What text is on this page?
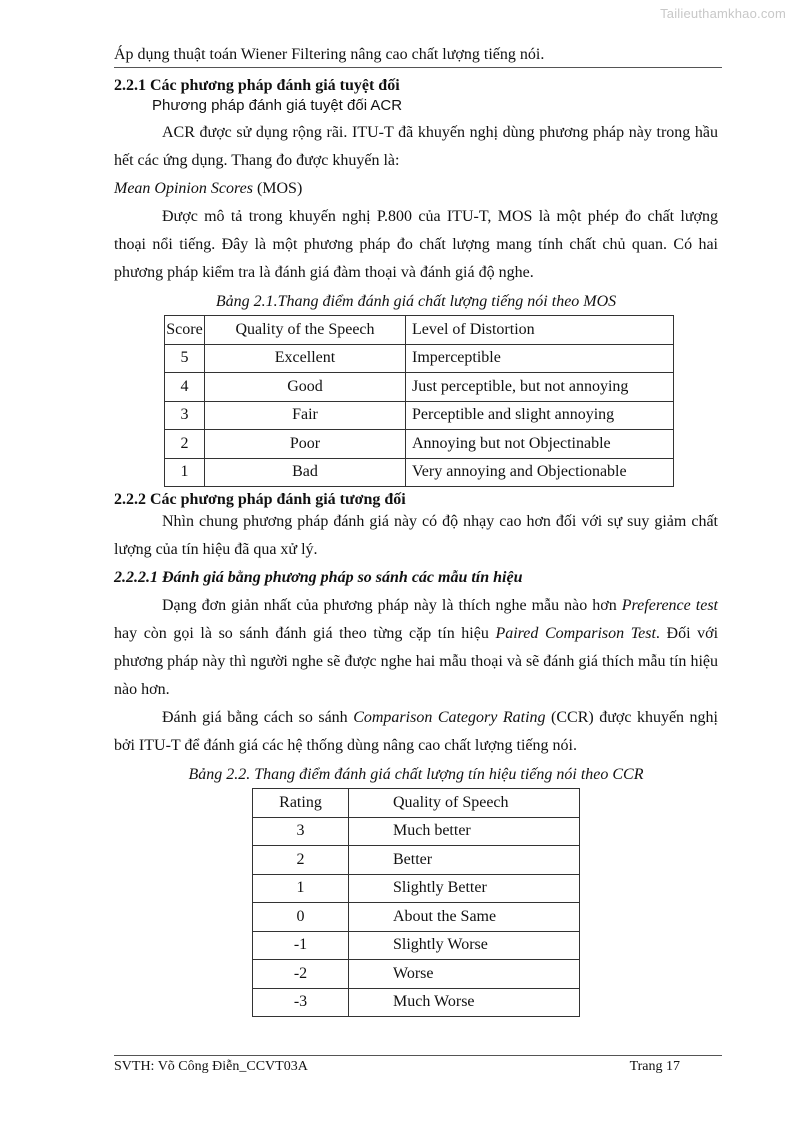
Tailieuthamkhao.com
Áp dụng thuật toán Wiener Filtering nâng cao chất lượng tiếng nói.
2.2.1 Các phương pháp đánh giá tuyệt đối
Phương pháp đánh giá tuyệt đối ACR

ACR được sử dụng rộng rãi. ITU-T đã khuyến nghị dùng phương pháp này trong hầu hết các ứng dụng. Thang đo được khuyến là:

Mean Opinion Scores (MOS)

Được mô tả trong khuyến nghị P.800 của ITU-T, MOS là một phép đo chất lượng thoại nổi tiếng. Đây là một phương pháp đo chất lượng mang tính chất chủ quan. Có hai phương pháp kiểm tra là đánh giá đàm thoại và đánh giá độ nghe.

Bảng 2.1.Thang điểm đánh giá chất lượng tiếng nói theo MOS
Score	Quality of the Speech	Level of Distortion
5	Excellent	Imperceptible
4	Good	Just perceptible, but not annoying
3	Fair	Perceptible and slight annoying
2	Poor	Annoying but not Objectinable
1	Bad	Very annoying and Objectionable
2.2.2 Các phương pháp đánh giá tương đối

Nhìn chung phương pháp đánh giá này có độ nhạy cao hơn đối với sự suy giảm chất lượng của tín hiệu đã qua xử lý.

2.2.2.1 Đánh giá bằng phương pháp so sánh các mẫu tín hiệu

Dạng đơn giản nhất của phương pháp này là thích nghe mẫu nào hơn Preference test hay còn gọi là so sánh đánh giá theo từng cặp tín hiệu Paired Comparison Test. Đối với phương pháp này thì người nghe sẽ được nghe hai mẫu thoại và sẽ đánh giá thích mẫu tín hiệu nào hơn.

Đánh giá bằng cách so sánh Comparison Category Rating (CCR) được khuyến nghị bởi ITU-T để đánh giá các hệ thống dùng nâng cao chất lượng tiếng nói.

Bảng 2.2. Thang điểm đánh giá chất lượng tín hiệu tiếng nói theo CCR
Rating	Quality of Speech
3	Much better
2	Better
1	Slightly Better
0	About the Same
-1	Slightly Worse
-2	Worse
-3	Much Worse
SVTH: Võ Công Điễn_CCVT03A	Trang 17
